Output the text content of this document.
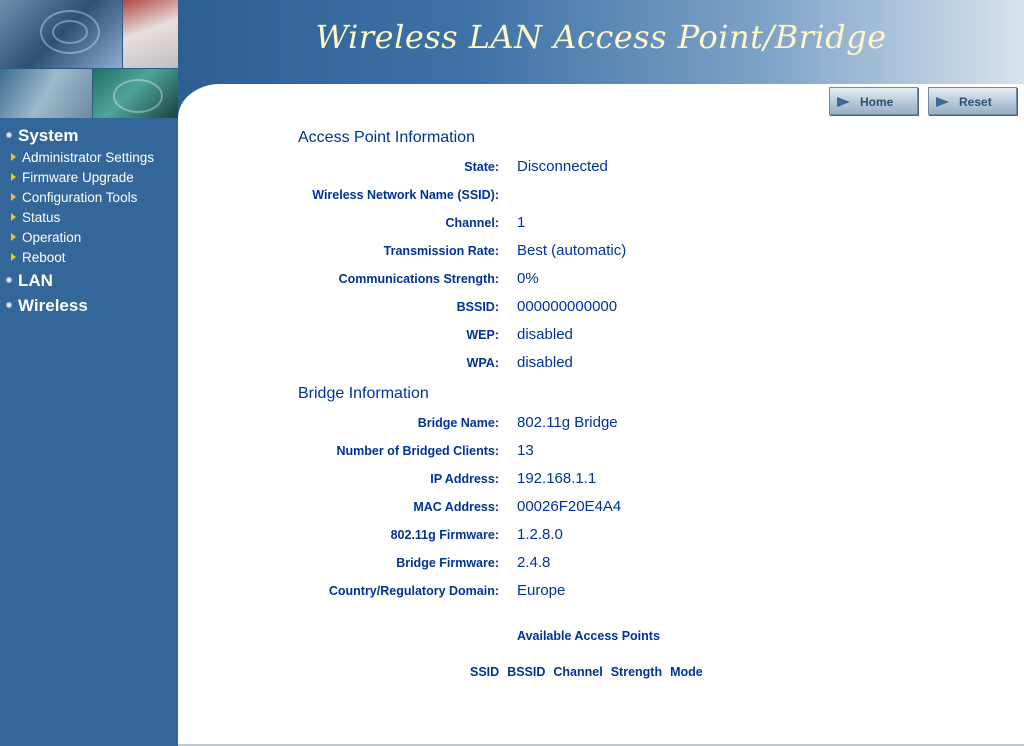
Wireless LAN Access Point/Bridge
System
Administrator Settings
Firmware Upgrade
Configuration Tools
Status
Operation
Reboot
LAN
Wireless
Home	Reset
Access Point Information
State: Disconnected
Wireless Network Name (SSID):
Channel: 1
Transmission Rate: Best (automatic)
Communications Strength: 0%
BSSID: 000000000000
WEP: disabled
WPA: disabled
Bridge Information
Bridge Name: 802.11g Bridge
Number of Bridged Clients: 13
IP Address: 192.168.1.1
MAC Address: 00026F20E4A4
802.11g Firmware: 1.2.8.0
Bridge Firmware: 2.4.8
Country/Regulatory Domain: Europe
Available Access Points
SSID BSSID Channel Strength Mode
